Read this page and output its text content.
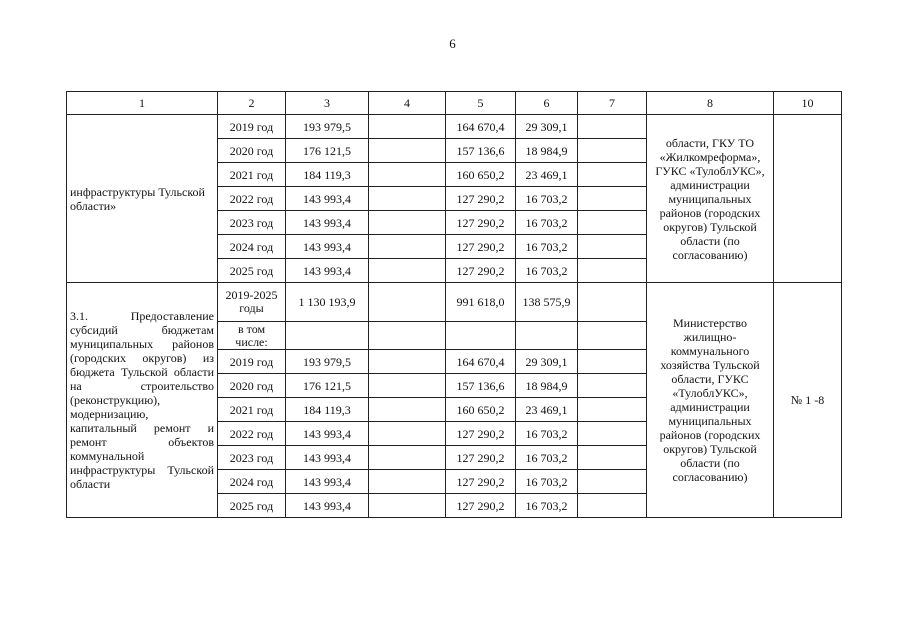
6
1	2	3	4	5	6	7	8	10
инфраструктуры Тульской области»	2019 год	193 979,5		164 670,4	29 309,1		области, ГКУ ТО «Жилкомреформа», ГУКС «ТулоблУКС», администрации муниципальных районов (городских округов) Тульской области (по согласованию)	
	2020 год	176 121,5		157 136,6	18 984,9			
	2021 год	184 119,3		160 650,2	23 469,1			
	2022 год	143 993,4		127 290,2	16 703,2			
	2023 год	143 993,4		127 290,2	16 703,2			
	2024 год	143 993,4		127 290,2	16 703,2			
	2025 год	143 993,4		127 290,2	16 703,2			
3.1. Предоставление субсидий бюджетам муниципальных районов (городских округов) из бюджета Тульской области на строительство (реконструкцию), модернизацию, капитальный ремонт и ремонт объектов коммунальной инфраструктуры Тульской области	2019-2025 годы	1 130 193,9		991 618,0	138 575,9		Министерство жилищно-коммунального хозяйства Тульской области, ГУКС «ТулоблУКС», администрации муниципальных районов (городских округов) Тульской области (по согласованию)	№ 1 -8
	в том числе:							
	2019 год	193 979,5		164 670,4	29 309,1			
	2020 год	176 121,5		157 136,6	18 984,9			
	2021 год	184 119,3		160 650,2	23 469,1			
	2022 год	143 993,4		127 290,2	16 703,2			
	2023 год	143 993,4		127 290,2	16 703,2			
	2024 год	143 993,4		127 290,2	16 703,2			
	2025 год	143 993,4		127 290,2	16 703,2			
